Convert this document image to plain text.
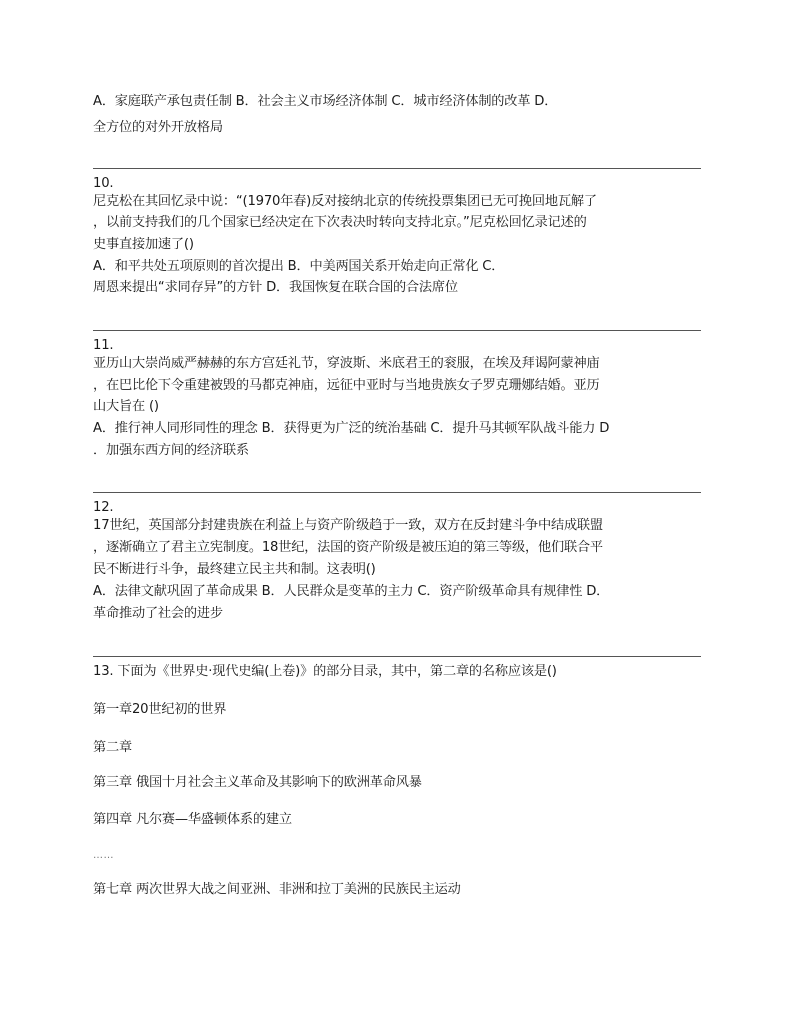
A．家庭联产承包责任制 B．社会主义市场经济体制 C．城市经济体制的改革 D．
全方位的对外开放格局
10.
尼克松在其回忆录中说：“(1970年春)反对接纳北京的传统投票集团已无可挽回地瓦解了
，以前支持我们的几个国家已经决定在下次表决时转向支持北京。”尼克松回忆录记述的
史事直接加速了()
A．和平共处五项原则的首次提出 B．中美两国关系开始走向正常化 C．
周恩来提出“求同存异”的方针 D．我国恢复在联合国的合法席位
11.
亚历山大崇尚威严赫赫的东方宫廷礼节，穿波斯、米底君王的衮服，在埃及拜谒阿蒙神庙
，在巴比伦下令重建被毁的马都克神庙，远征中亚时与当地贵族女子罗克珊娜结婚。亚历
山大旨在 ()
A．推行神人同形同性的理念 B．获得更为广泛的统治基础 C．提升马其顿军队战斗能力 D
．加强东西方间的经济联系
12.
17世纪，英国部分封建贵族在利益上与资产阶级趋于一致，双方在反封建斗争中结成联盟
，逐渐确立了君主立宪制度。18世纪，法国的资产阶级是被压迫的第三等级，他们联合平
民不断进行斗争，最终建立民主共和制。这表明()
A．法律文献巩固了革命成果 B．人民群众是变革的主力 C．资产阶级革命具有规律性 D．
革命推动了社会的进步
13. 下面为《世界史·现代史编(上卷)》的部分目录，其中，第二章的名称应该是()
第一章20世纪初的世界
第二章
第三章 俄国十月社会主义革命及其影响下的欧洲革命风暴
第四章 凡尔赛—华盛顿体系的建立
……
第七章 两次世界大战之间亚洲、非洲和拉丁美洲的民族民主运动
